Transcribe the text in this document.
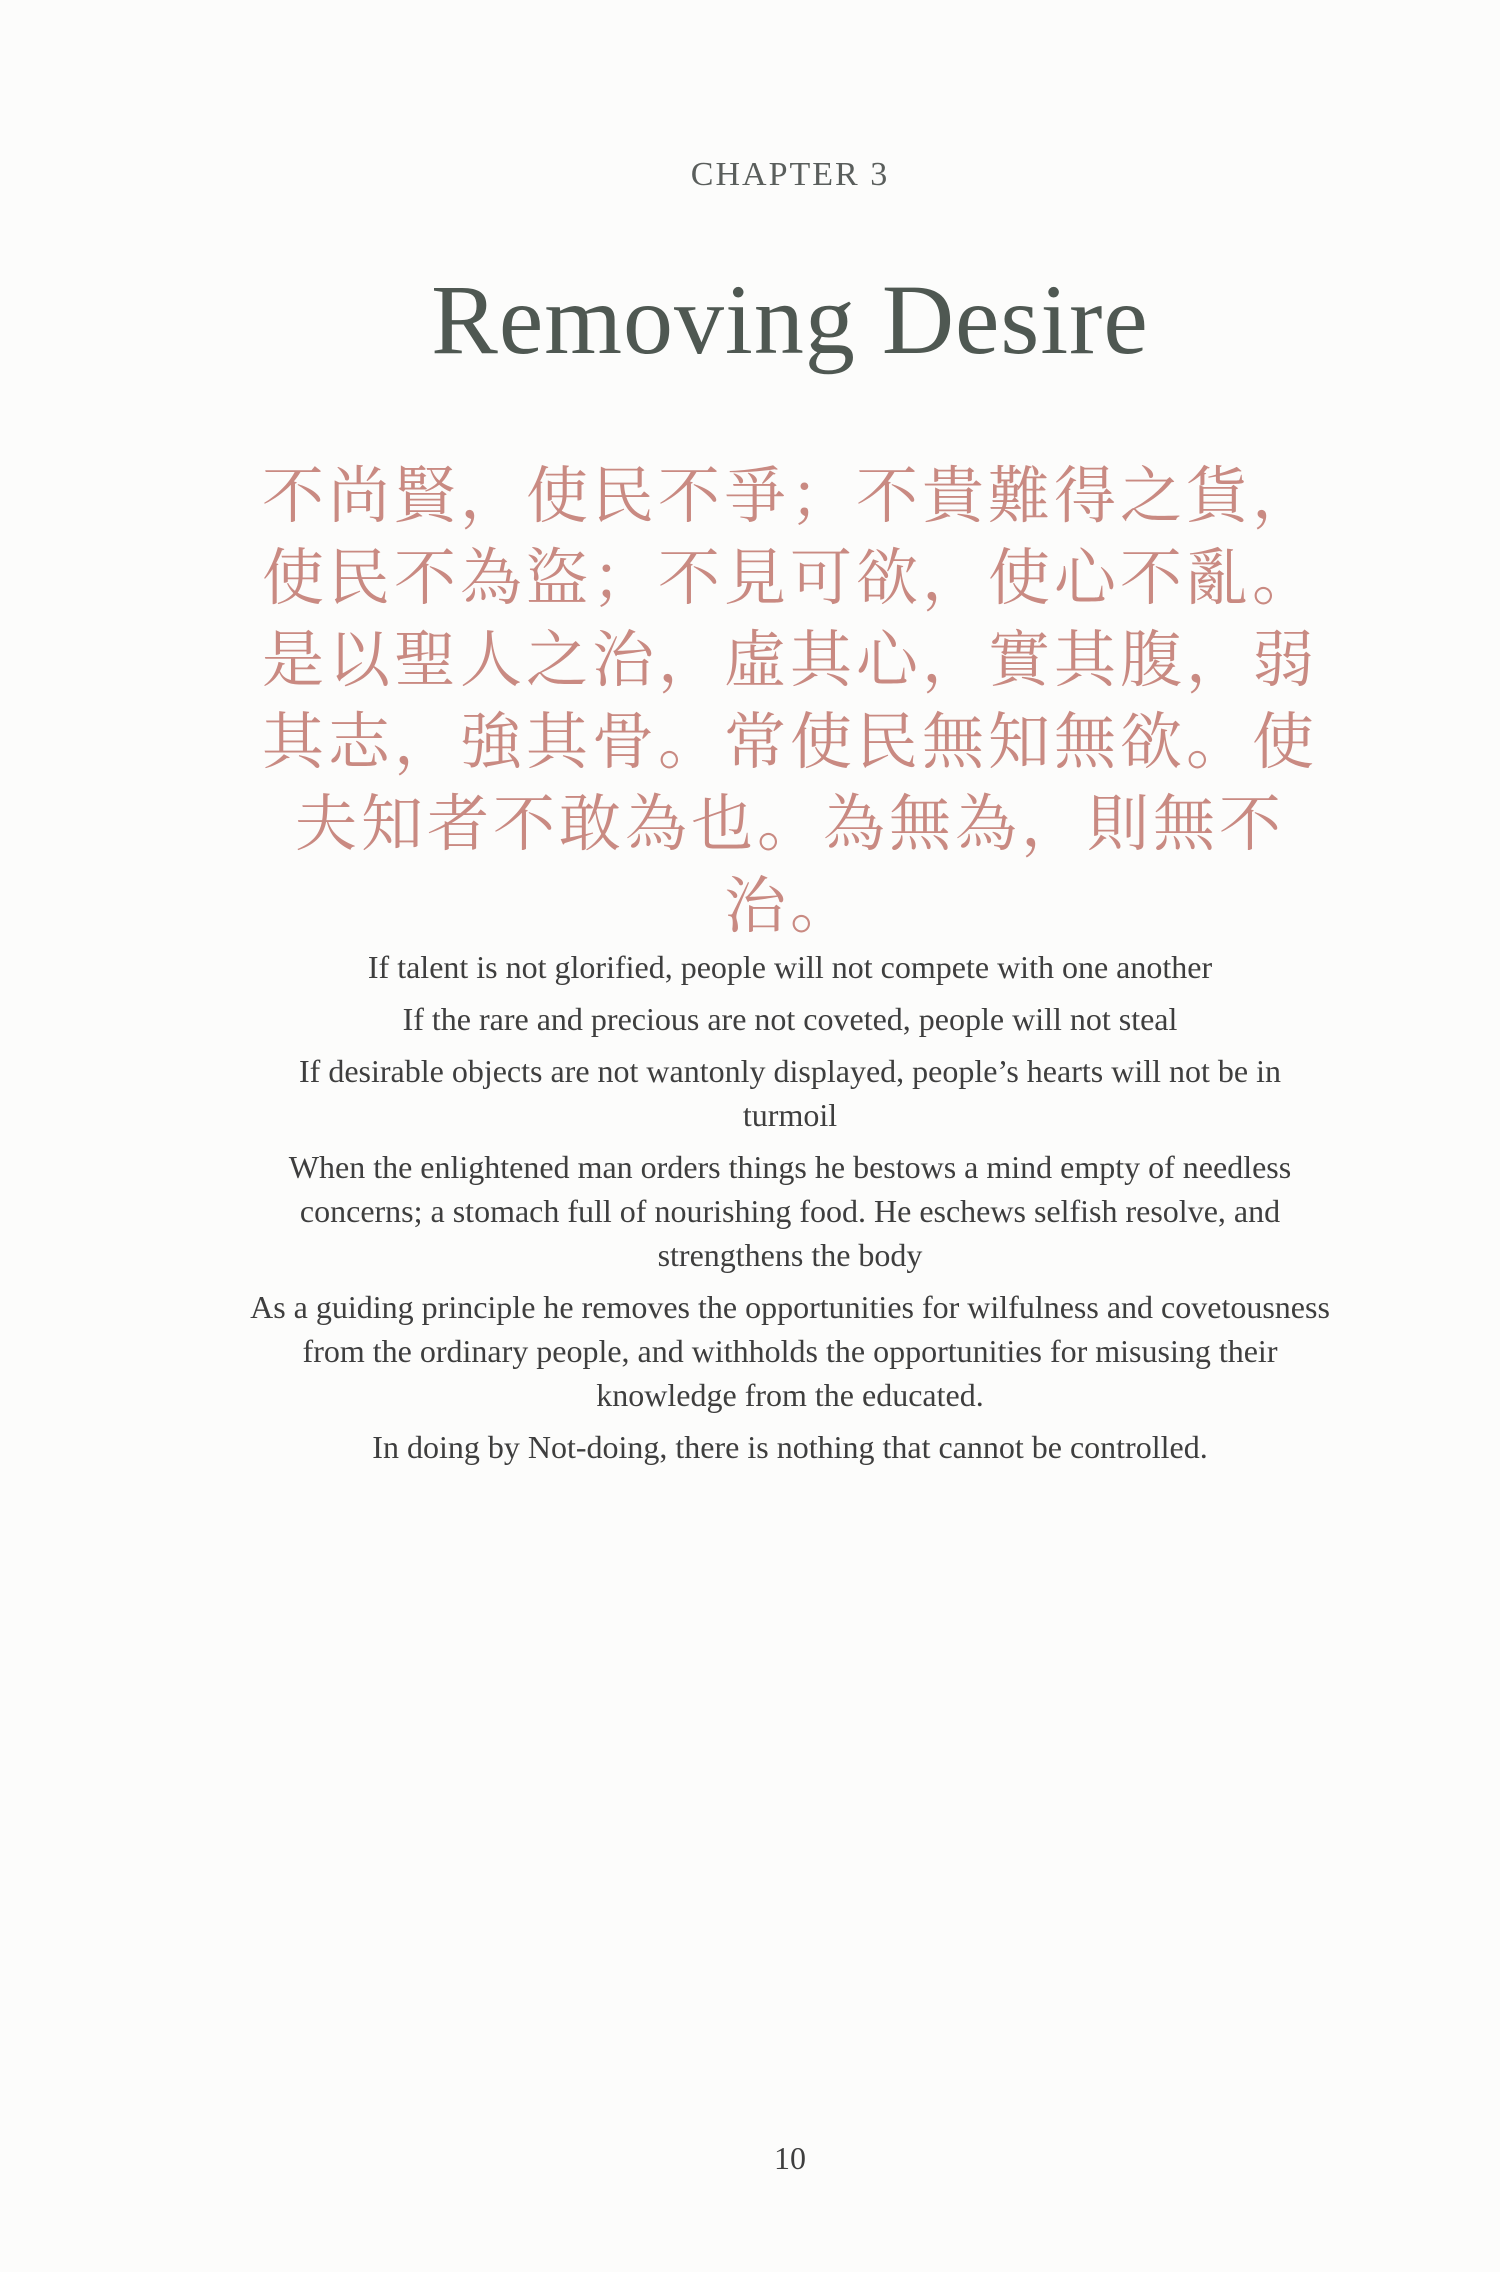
CHAPTER 3
Removing Desire
不尚賢，使民不爭；不貴難得之貨，使民不為盜；不見可欲，使心不亂。是以聖人之治，虛其心，實其腹，弱其志，強其骨。常使民無知無欲。使夫知者不敢為也。為無為，則無不治。

If talent is not glorified, people will not compete with one another

If the rare and precious are not coveted, people will not steal

If desirable objects are not wantonly displayed, people’s hearts will not be in turmoil

When the enlightened man orders things he bestows a mind empty of needless concerns; a stomach full of nourishing food. He eschews selfish resolve, and strengthens the body

As a guiding principle he removes the opportunities for wilfulness and covetousness from the ordinary people, and withholds the opportunities for misusing their knowledge from the educated.

In doing by Not-doing, there is nothing that cannot be controlled.

10
